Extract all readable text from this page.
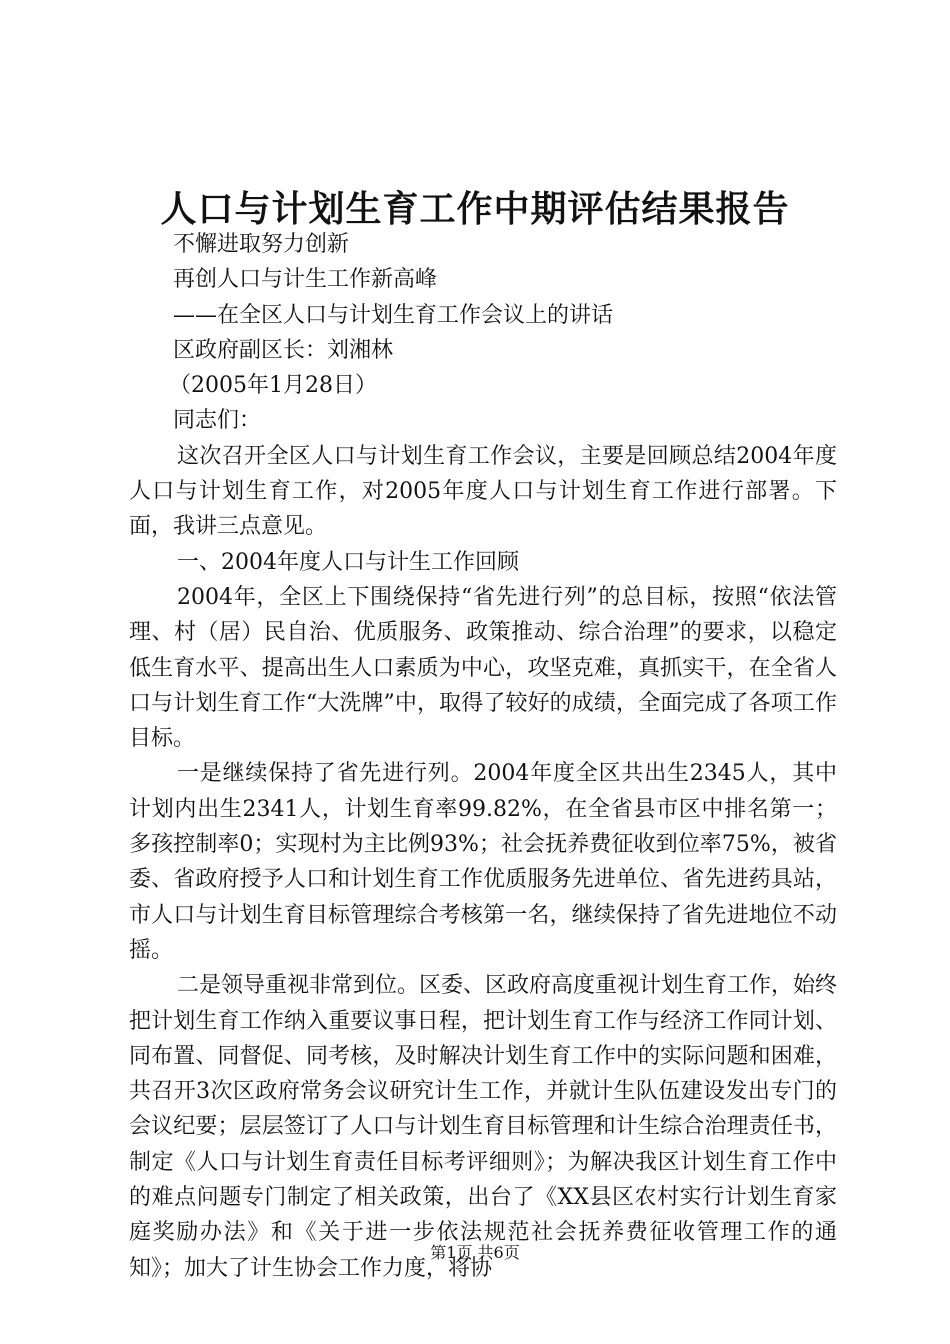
人口与计划生育工作中期评估结果报告

不懈进取努力创新

再创人口与计生工作新高峰

——在全区人口与计划生育工作会议上的讲话

区政府副区长：刘湘林

（2005年1月28日）

同志们：

这次召开全区人口与计划生育工作会议，主要是回顾总结2004年度人口与计划生育工作，对2005年度人口与计划生育工作进行部署。下面，我讲三点意见。

一、2004年度人口与计生工作回顾

2004年，全区上下围绕保持“省先进行列”的总目标，按照“依法管理、村（居）民自治、优质服务、政策推动、综合治理”的要求，以稳定低生育水平、提高出生人口素质为中心，攻坚克难，真抓实干，在全省人口与计划生育工作“大洗牌”中，取得了较好的成绩，全面完成了各项工作目标。

一是继续保持了省先进行列。2004年度全区共出生2345人，其中计划内出生2341人，计划生育率99.82%，在全省县市区中排名第一；多孩控制率0；实现村为主比例93%；社会抚养费征收到位率75%，被省委、省政府授予人口和计划生育工作优质服务先进单位、省先进药具站，市人口与计划生育目标管理综合考核第一名，继续保持了省先进地位不动摇。

二是领导重视非常到位。区委、区政府高度重视计划生育工作，始终把计划生育工作纳入重要议事日程，把计划生育工作与经济工作同计划、同布置、同督促、同考核，及时解决计划生育工作中的实际问题和困难，共召开3次区政府常务会议研究计生工作，并就计生队伍建设发出专门的会议纪要；层层签订了人口与计划生育目标管理和计生综合治理责任书，制定《人口与计划生育责任目标考评细则》；为解决我区计划生育工作中的难点问题专门制定了相关政策，出台了《XX县区农村实行计划生育家庭奖励办法》和《关于进一步依法规范社会抚养费征收管理工作的通知》；加大了计生协会工作力度，将协

第1页 共6页
